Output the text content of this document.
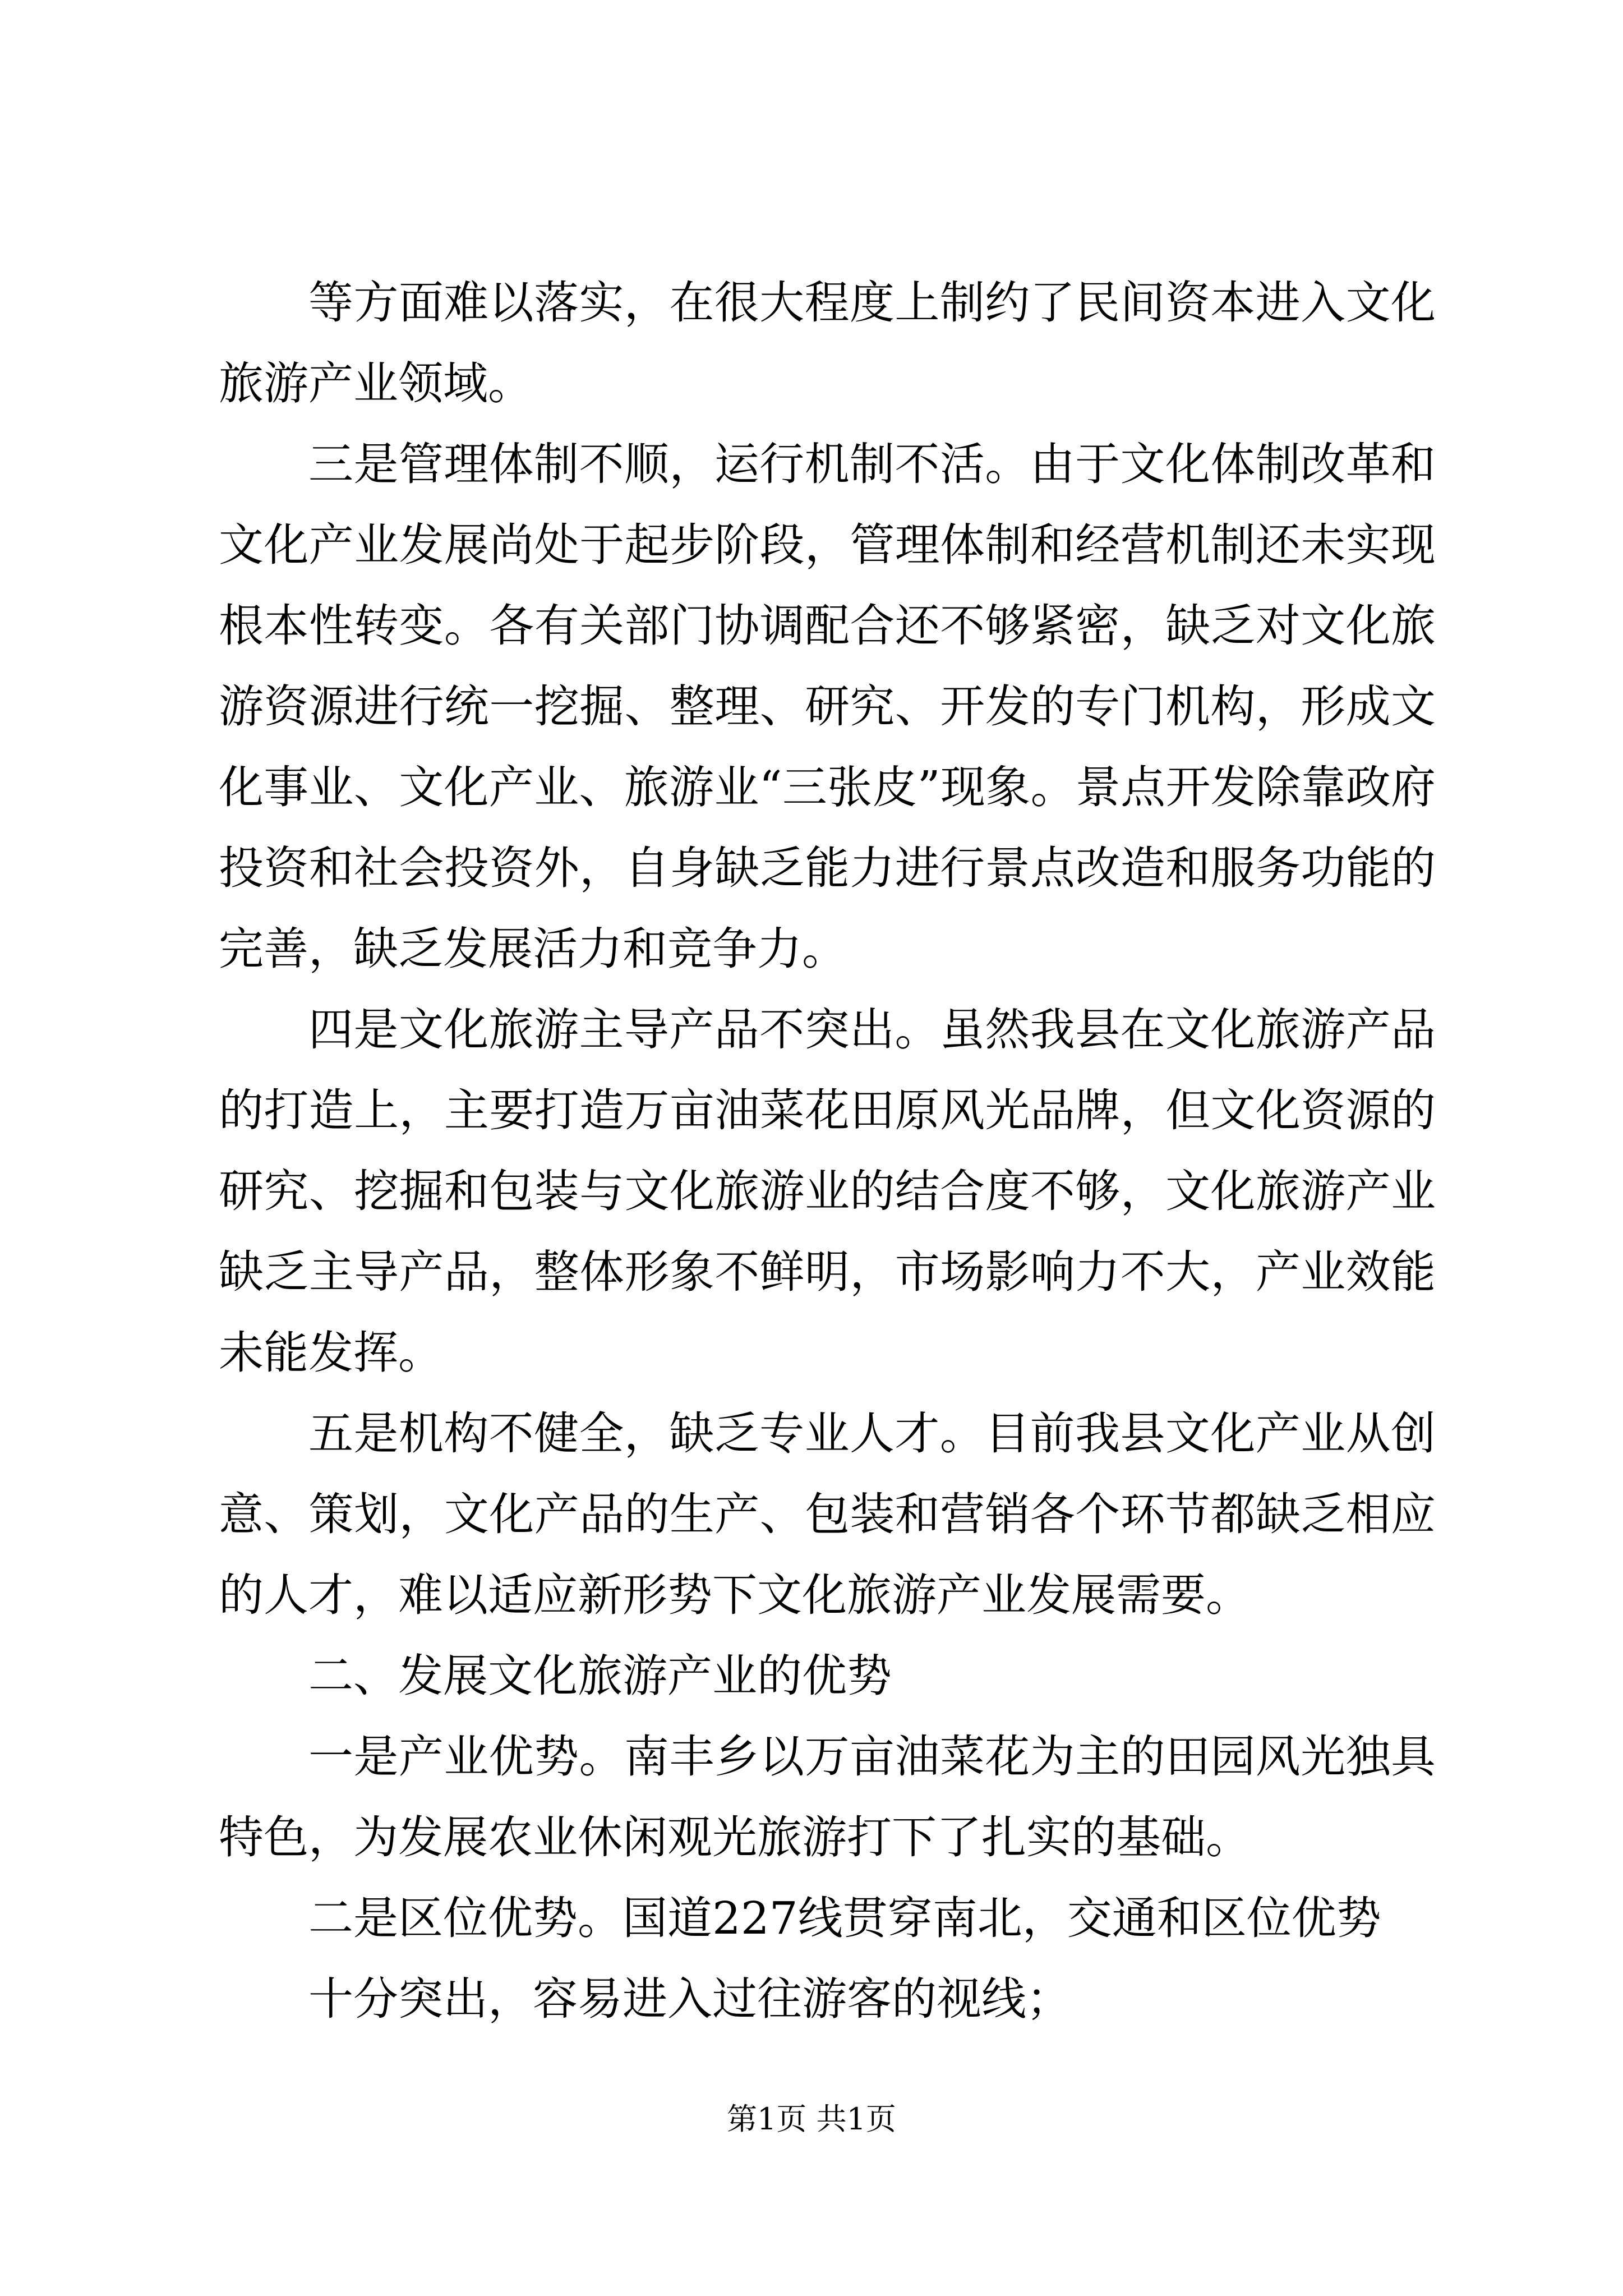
等方面难以落实，在很大程度上制约了民间资本进入文化旅游产业领域。

三是管理体制不顺，运行机制不活。由于文化体制改革和文化产业发展尚处于起步阶段，管理体制和经营机制还未实现根本性转变。各有关部门协调配合还不够紧密，缺乏对文化旅游资源进行统一挖掘、整理、研究、开发的专门机构，形成文化事业、文化产业、旅游业“三张皮”现象。景点开发除靠政府投资和社会投资外，自身缺乏能力进行景点改造和服务功能的完善，缺乏发展活力和竞争力。

四是文化旅游主导产品不突出。虽然我县在文化旅游产品的打造上，主要打造万亩油菜花田原风光品牌，但文化资源的研究、挖掘和包装与文化旅游业的结合度不够，文化旅游产业缺乏主导产品，整体形象不鲜明，市场影响力不大，产业效能未能发挥。

五是机构不健全，缺乏专业人才。目前我县文化产业从创意、策划，文化产品的生产、包装和营销各个环节都缺乏相应的人才，难以适应新形势下文化旅游产业发展需要。

二、发展文化旅游产业的优势

一是产业优势。南丰乡以万亩油菜花为主的田园风光独具特色，为发展农业休闲观光旅游打下了扎实的基础。

二是区位优势。国道227线贯穿南北，交通和区位优势

十分突出，容易进入过往游客的视线；

第1页 共1页
